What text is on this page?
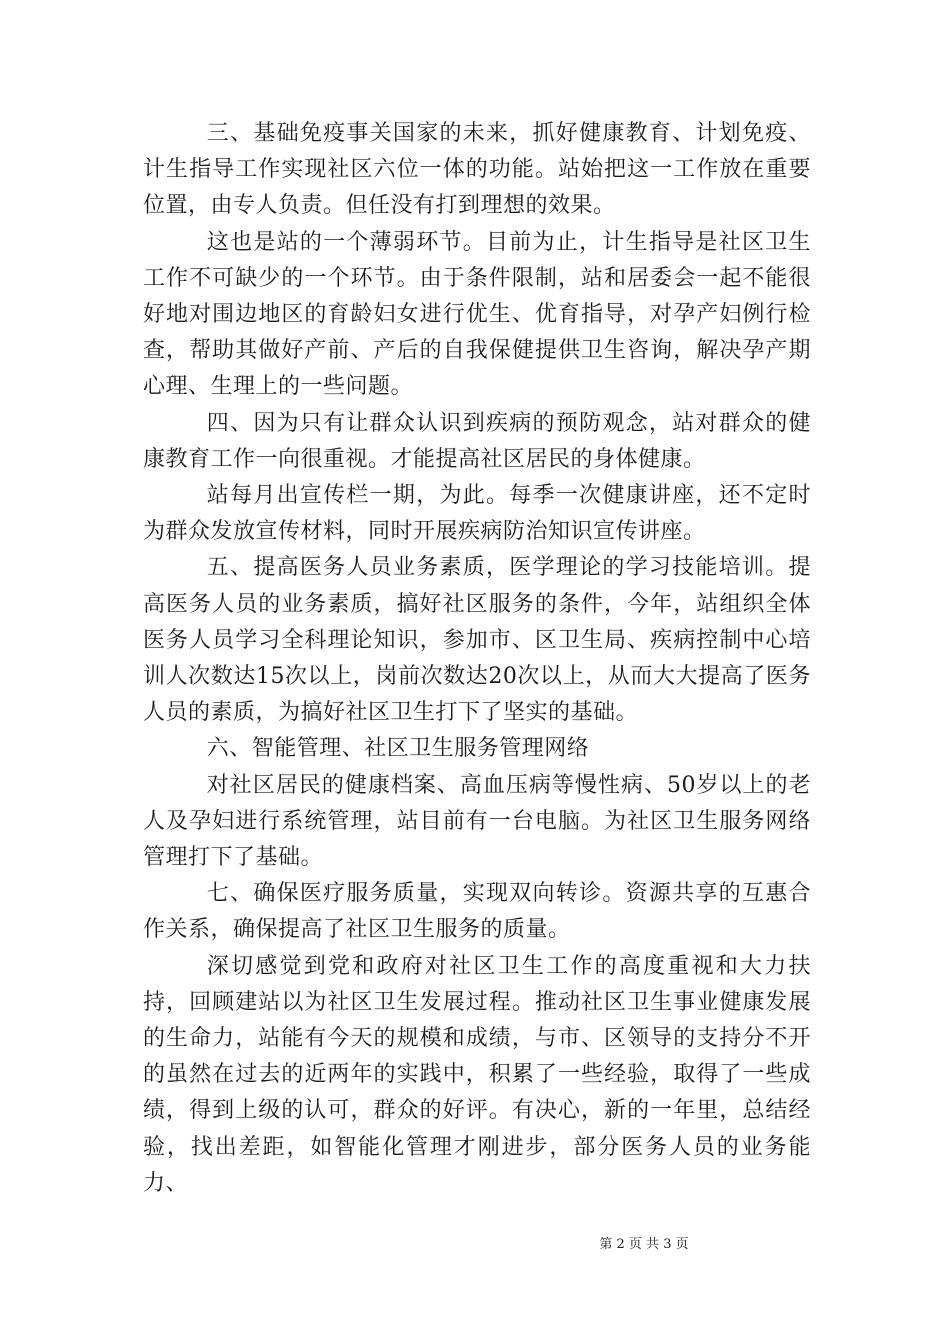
三、基础免疫事关国家的未来，抓好健康教育、计划免疫、计生指导工作实现社区六位一体的功能。站始把这一工作放在重要位置，由专人负责。但任没有打到理想的效果。

这也是站的一个薄弱环节。目前为止，计生指导是社区卫生工作不可缺少的一个环节。由于条件限制，站和居委会一起不能很好地对围边地区的育龄妇女进行优生、优育指导，对孕产妇例行检查，帮助其做好产前、产后的自我保健提供卫生咨询，解决孕产期心理、生理上的一些问题。

四、因为只有让群众认识到疾病的预防观念，站对群众的健康教育工作一向很重视。才能提高社区居民的身体健康。

站每月出宣传栏一期，为此。每季一次健康讲座，还不定时为群众发放宣传材料，同时开展疾病防治知识宣传讲座。

五、提高医务人员业务素质，医学理论的学习技能培训。提高医务人员的业务素质，搞好社区服务的条件，今年，站组织全体医务人员学习全科理论知识，参加市、区卫生局、疾病控制中心培训人次数达15次以上，岗前次数达20次以上，从而大大提高了医务人员的素质，为搞好社区卫生打下了坚实的基础。

六、智能管理、社区卫生服务管理网络

对社区居民的健康档案、高血压病等慢性病、50岁以上的老人及孕妇进行系统管理，站目前有一台电脑。为社区卫生服务网络管理打下了基础。

七、确保医疗服务质量，实现双向转诊。资源共享的互惠合作关系，确保提高了社区卫生服务的质量。

深切感觉到党和政府对社区卫生工作的高度重视和大力扶持，回顾建站以为社区卫生发展过程。推动社区卫生事业健康发展的生命力，站能有今天的规模和成绩，与市、区领导的支持分不开的虽然在过去的近两年的实践中，积累了一些经验，取得了一些成绩，得到上级的认可，群众的好评。有决心，新的一年里，总结经验，找出差距，如智能化管理才刚进步，部分医务人员的业务能力、

第 2 页 共 3 页
